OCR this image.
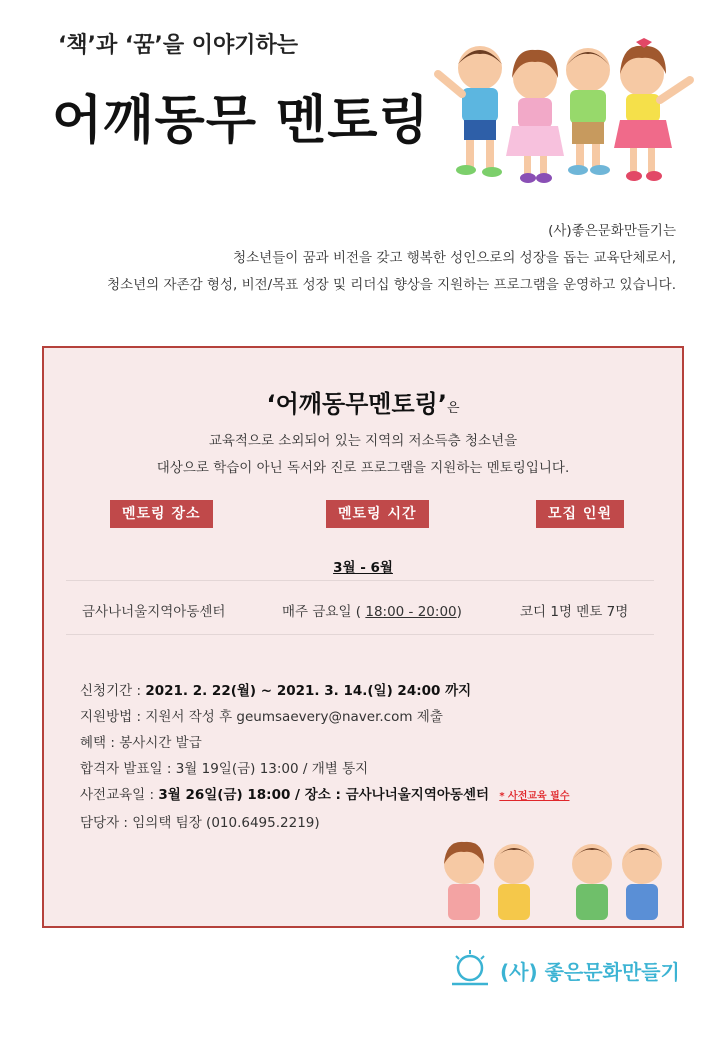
‘책’과 ‘꿈’을 이야기하는
어깨동무 멘토링
(사)좋은문화만들기는
청소년들이 꿈과 비전을 갖고 행복한 성인으로의 성장을 돕는 교육단체로서,
청소년의 자존감 형성, 비전/목표 성장 및 리더십 향상을 지원하는 프로그램을 운영하고 있습니다.
‘어깨동무멘토링’은
교육적으로 소외되어 있는 지역의 저소득층 청소년을
대상으로 학습이 아닌 독서와 진로 프로그램을 지원하는 멘토링입니다.
멘토링 장소	멘토링 시간	모집 인원
3월 - 6월
금사나너울지역아동센터	매주 금요일 ( 18:00 - 20:00)	코디 1명 멘토 7명
신청기간 : 2021. 2. 22(월) ~ 2021. 3. 14.(일) 24:00 까지
지원방법 : 지원서 작성 후 geumsaevery@naver.com 제출
혜택 : 봉사시간 발급
합격자 발표일 : 3월 19일(금) 13:00 / 개별 통지
사전교육일 : 3월 26일(금) 18:00 / 장소 : 금사나너울지역아동센터 * 사전교육 필수
담당자 : 임의택 팀장 (010.6495.2219)
(사) 좋은문화만들기
